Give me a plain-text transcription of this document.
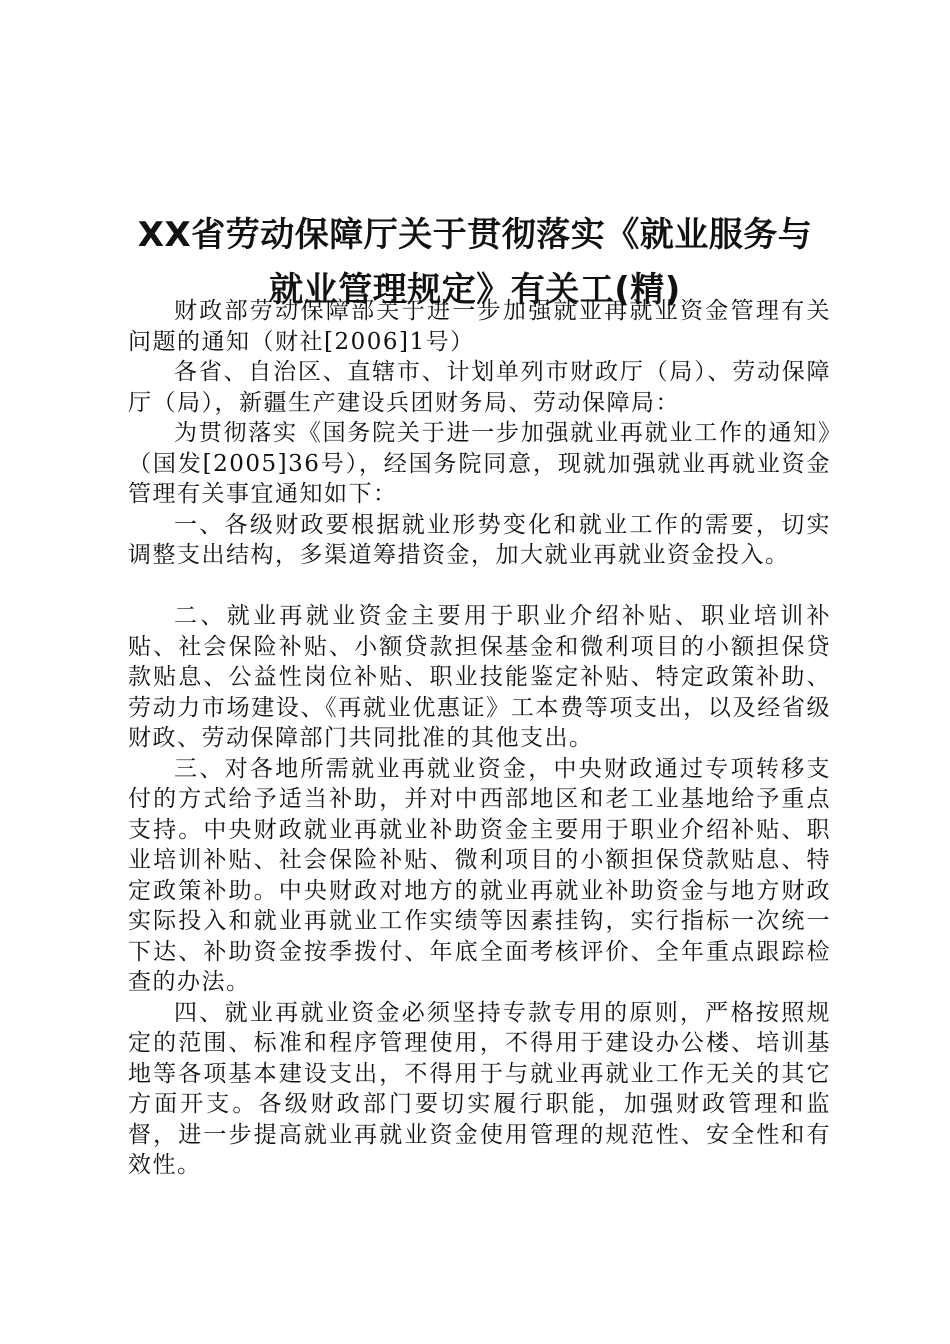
XX省劳动保障厅关于贯彻落实《就业服务与
就业管理规定》有关工(精)

财政部劳动保障部关于进一步加强就业再就业资金管理有关问题的通知（财社[2006]1号）

各省、自治区、直辖市、计划单列市财政厅（局）、劳动保障厅（局），新疆生产建设兵团财务局、劳动保障局：

为贯彻落实《国务院关于进一步加强就业再就业工作的通知》（国发[2005]36号），经国务院同意，现就加强就业再就业资金管理有关事宜通知如下：

一、各级财政要根据就业形势变化和就业工作的需要，切实调整支出结构，多渠道筹措资金，加大就业再就业资金投入。

二、就业再就业资金主要用于职业介绍补贴、职业培训补贴、社会保险补贴、小额贷款担保基金和微利项目的小额担保贷款贴息、公益性岗位补贴、职业技能鉴定补贴、特定政策补助、劳动力市场建设、《再就业优惠证》工本费等项支出，以及经省级财政、劳动保障部门共同批准的其他支出。

三、对各地所需就业再就业资金，中央财政通过专项转移支付的方式给予适当补助，并对中西部地区和老工业基地给予重点支持。中央财政就业再就业补助资金主要用于职业介绍补贴、职业培训补贴、社会保险补贴、微利项目的小额担保贷款贴息、特定政策补助。中央财政对地方的就业再就业补助资金与地方财政实际投入和就业再就业工作实绩等因素挂钩，实行指标一次统一下达、补助资金按季拨付、年底全面考核评价、全年重点跟踪检查的办法。

四、就业再就业资金必须坚持专款专用的原则，严格按照规定的范围、标准和程序管理使用，不得用于建设办公楼、培训基地等各项基本建设支出，不得用于与就业再就业工作无关的其它方面开支。各级财政部门要切实履行职能，加强财政管理和监督，进一步提高就业再就业资金使用管理的规范性、安全性和有效性。
